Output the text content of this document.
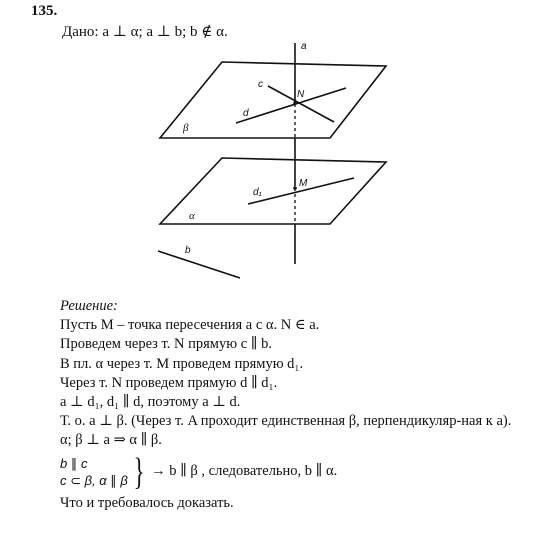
135.
Дано: a ⊥ α; a ⊥ b; b ∉ α.
a
c
N
d
β
d₁
M
α
b
Решение:
Пусть M – точка пересечения a с α. N ∈ a.
Проведем через т. N прямую c ∥ b.
В пл. α через т. M проведем прямую d₁.
Через т. N проведем прямую d ∥ d₁.
a ⊥ d₁, d₁ ∥ d, поэтому a ⊥ d.
Т. о. a ⊥ β. (Через т. A проходит единственная β, перпендикуляр-ная к a).
α; β ⊥ a ⇒ α ∥ β.
b ∥ c
c ⊂ β, α ∥ β } → b ∥ β , следовательно, b ∥ α.
Что и требовалось доказать.
